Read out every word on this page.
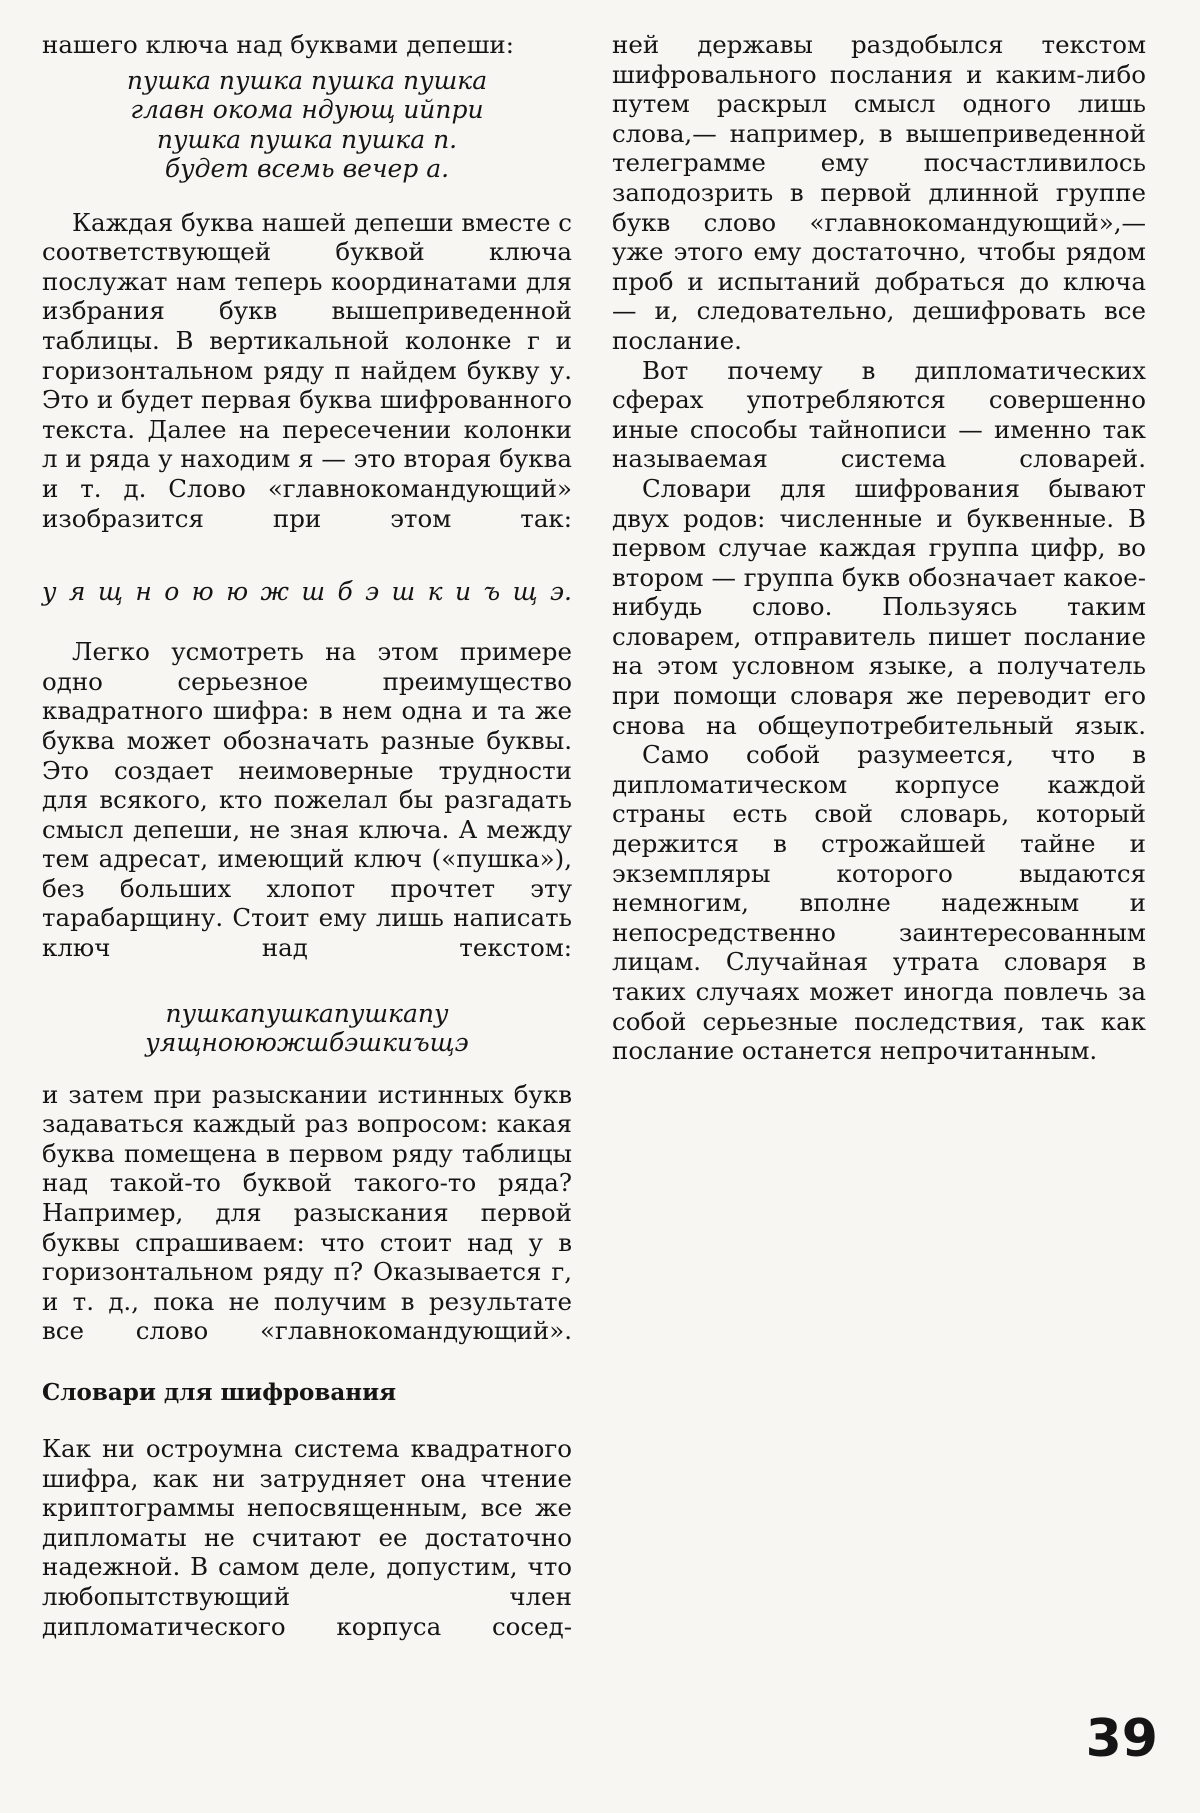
нашего ключа над буквами депеши:

пушка пушка пушка пушка
главн окома ндующ ийпри
пушка пушка пушка п.
будет всемь вечер а.

Каждая буква нашей депеши вместе с соответствующей буквой ключа послужат нам теперь координатами для избрания букв вышеприведенной таблицы. В вертикальной колонке г и горизонтальном ряду п найдем букву у. Это и будет первая буква шифрованного текста. Далее на пересечении колонки л и ряда у находим я — это вторая буква и т. д. Слово «главнокомандующий» изобразится при этом так:

у я щ н о ю ю ж ш б э ш к и ъ щ э.

Легко усмотреть на этом примере одно серьезное преимущество квадратного шифра: в нем одна и та же буква может обозначать разные буквы. Это создает неимоверные трудности для всякого, кто пожелал бы разгадать смысл депеши, не зная ключа. А между тем адресат, имеющий ключ («пушка»), без больших хлопот прочтет эту тарабарщину. Стоит ему лишь написать ключ над текстом:

пушкапушкапушкапу
уящнoююжшбэшкиъщэ

и затем при разыскании истинных букв задаваться каждый раз вопросом: какая буква помещена в первом ряду таблицы над такой-то буквой такого-то ряда? Например, для разыскания первой буквы спрашиваем: что стоит над у в горизонтальном ряду п? Оказывается г, и т. д., пока не получим в результате все слово «главнокомандующий».

Словари для шифрования

Как ни остроумна система квадратного шифра, как ни затрудняет она чтение криптограммы непосвященным, все же дипломаты не считают ее достаточно надежной. В самом деле, допустим, что любопытствующий член дипломатического корпуса сосед-

ней державы раздобылся текстом шифровального послания и каким-либо путем раскрыл смысл одного лишь слова,— например, в вышеприведенной телеграмме ему посчастливилось заподозрить в первой длинной группе букв слово «главнокомандующий»,— уже этого ему достаточно, чтобы рядом проб и испытаний добраться до ключа — и, следовательно, дешифровать все послание.

Вот почему в дипломатических сферах употребляются совершенно иные способы тайнописи — именно так называемая система словарей.

Словари для шифрования бывают двух родов: численные и буквенные. В первом случае каждая группа цифр, во втором — группа букв обозначает какое-нибудь слово. Пользуясь таким словарем, отправитель пишет послание на этом условном языке, а получатель при помощи словаря же переводит его снова на общеупотребительный язык.

Само собой разумеется, что в дипломатическом корпусе каждой страны есть свой словарь, который держится в строжайшей тайне и экземпляры которого выдаются немногим, вполне надежным и непосредственно заинтересованным лицам. Случайная утрата словаря в таких случаях может иногда повлечь за собой серьезные последствия, так как послание останется непрочитанным.

39
